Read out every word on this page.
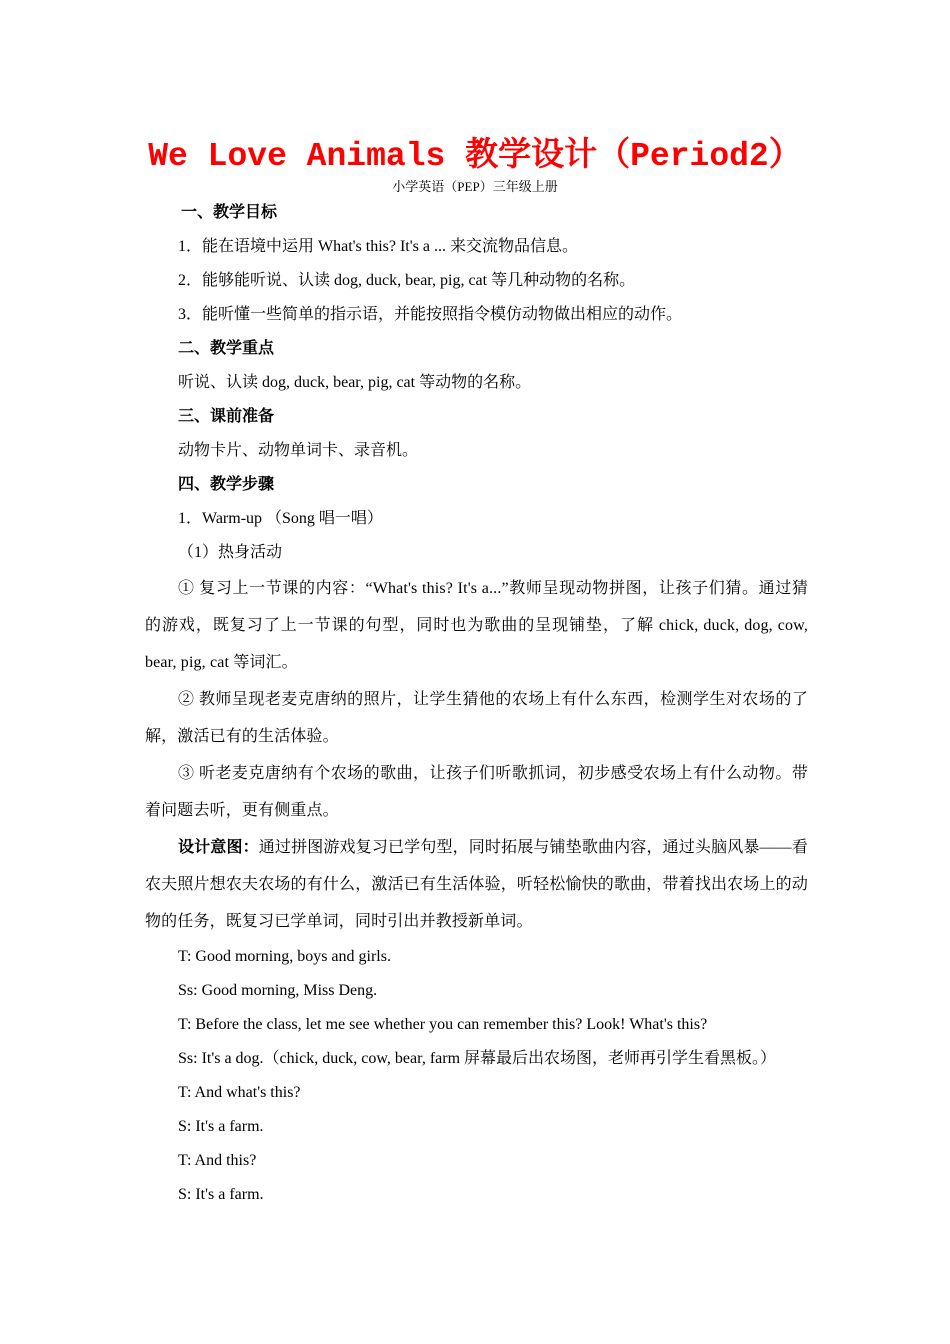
We Love Animals 教学设计（Period2）

小学英语（PEP）三年级上册

一、教学目标

1．能在语境中运用 What's this? It's a ... 来交流物品信息。

2．能够能听说、认读 dog, duck, bear, pig, cat 等几种动物的名称。

3．能听懂一些简单的指示语，并能按照指令模仿动物做出相应的动作。

二、教学重点

听说、认读 dog, duck, bear, pig, cat 等动物的名称。

三、课前准备

动物卡片、动物单词卡、录音机。

四、教学步骤

1．Warm-up （Song 唱一唱）

（1）热身活动

① 复习上一节课的内容：“What's this? It's a...”教师呈现动物拼图，让孩子们猜。通过猜的游戏，既复习了上一节课的句型，同时也为歌曲的呈现铺垫，了解 chick, duck, dog, cow, bear, pig, cat 等词汇。

② 教师呈现老麦克唐纳的照片，让学生猜他的农场上有什么东西，检测学生对农场的了解，激活已有的生活体验。

③ 听老麦克唐纳有个农场的歌曲，让孩子们听歌抓词，初步感受农场上有什么动物。带着问题去听，更有侧重点。

设计意图：通过拼图游戏复习已学句型，同时拓展与铺垫歌曲内容，通过头脑风暴——看农夫照片想农夫农场的有什么，激活已有生活体验，听轻松愉快的歌曲，带着找出农场上的动物的任务，既复习已学单词，同时引出并教授新单词。

T: Good morning, boys and girls.

Ss: Good morning, Miss Deng.

T: Before the class, let me see whether you can remember this? Look! What's this?

Ss: It's a dog.（chick, duck, cow, bear, farm 屏幕最后出农场图，老师再引学生看黑板。）

T: And what's this?

S: It's a farm.

T: And this?

S: It's a farm.
